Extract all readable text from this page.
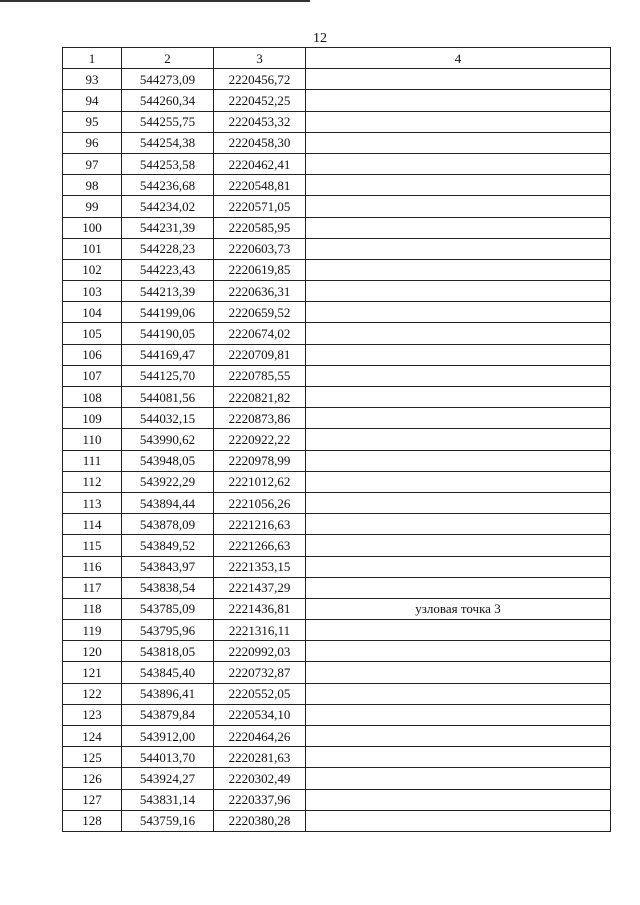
12
1	2	3	4
93	544273,09	2220456,72	
94	544260,34	2220452,25	
95	544255,75	2220453,32	
96	544254,38	2220458,30	
97	544253,58	2220462,41	
98	544236,68	2220548,81	
99	544234,02	2220571,05	
100	544231,39	2220585,95	
101	544228,23	2220603,73	
102	544223,43	2220619,85	
103	544213,39	2220636,31	
104	544199,06	2220659,52	
105	544190,05	2220674,02	
106	544169,47	2220709,81	
107	544125,70	2220785,55	
108	544081,56	2220821,82	
109	544032,15	2220873,86	
110	543990,62	2220922,22	
111	543948,05	2220978,99	
112	543922,29	2221012,62	
113	543894,44	2221056,26	
114	543878,09	2221216,63	
115	543849,52	2221266,63	
116	543843,97	2221353,15	
117	543838,54	2221437,29	
118	543785,09	2221436,81	узловая точка 3
119	543795,96	2221316,11	
120	543818,05	2220992,03	
121	543845,40	2220732,87	
122	543896,41	2220552,05	
123	543879,84	2220534,10	
124	543912,00	2220464,26	
125	544013,70	2220281,63	
126	543924,27	2220302,49	
127	543831,14	2220337,96	
128	543759,16	2220380,28	
